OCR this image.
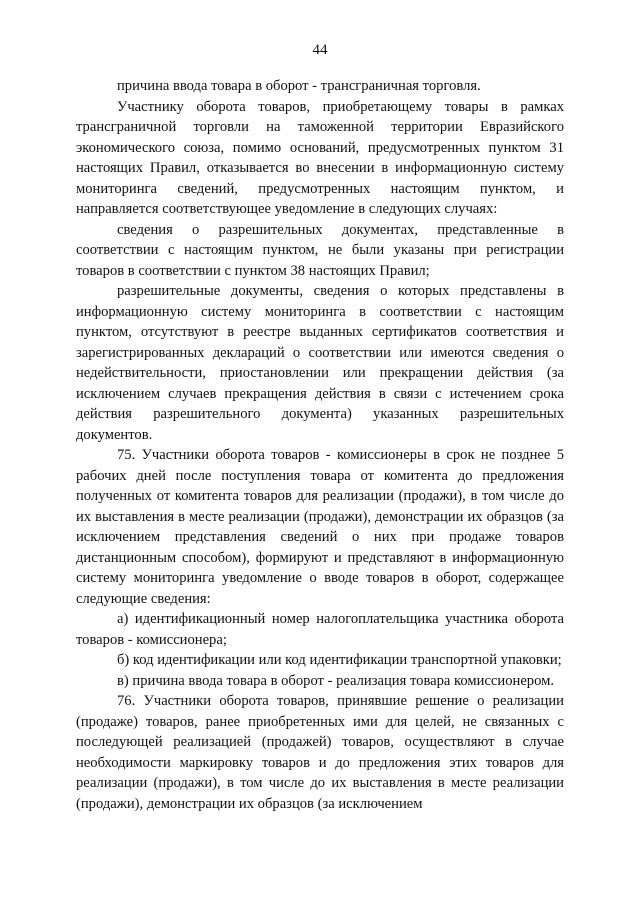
44

причина ввода товара в оборот - трансграничная торговля.

Участнику оборота товаров, приобретающему товары в рамках трансграничной торговли на таможенной территории Евразийского экономического союза, помимо оснований, предусмотренных пунктом 31 настоящих Правил, отказывается во внесении в информационную систему мониторинга сведений, предусмотренных настоящим пунктом, и направляется соответствующее уведомление в следующих случаях:

сведения о разрешительных документах, представленные в соответствии с настоящим пунктом, не были указаны при регистрации товаров в соответствии с пунктом 38 настоящих Правил;

разрешительные документы, сведения о которых представлены в информационную систему мониторинга в соответствии с настоящим пунктом, отсутствуют в реестре выданных сертификатов соответствия и зарегистрированных деклараций о соответствии или имеются сведения о недействительности, приостановлении или прекращении действия (за исключением случаев прекращения действия в связи с истечением срока действия разрешительного документа) указанных разрешительных документов.

75. Участники оборота товаров - комиссионеры в срок не позднее 5 рабочих дней после поступления товара от комитента до предложения полученных от комитента товаров для реализации (продажи), в том числе до их выставления в месте реализации (продажи), демонстрации их образцов (за исключением представления сведений о них при продаже товаров дистанционным способом), формируют и представляют в информационную систему мониторинга уведомление о вводе товаров в оборот, содержащее следующие сведения:

а) идентификационный номер налогоплательщика участника оборота товаров - комиссионера;

б) код идентификации или код идентификации транспортной упаковки;

в) причина ввода товара в оборот - реализация товара комиссионером.

76. Участники оборота товаров, принявшие решение о реализации (продаже) товаров, ранее приобретенных ими для целей, не связанных с последующей реализацией (продажей) товаров, осуществляют в случае необходимости маркировку товаров и до предложения этих товаров для реализации (продажи), в том числе до их выставления в месте реализации (продажи), демонстрации их образцов (за исключением
